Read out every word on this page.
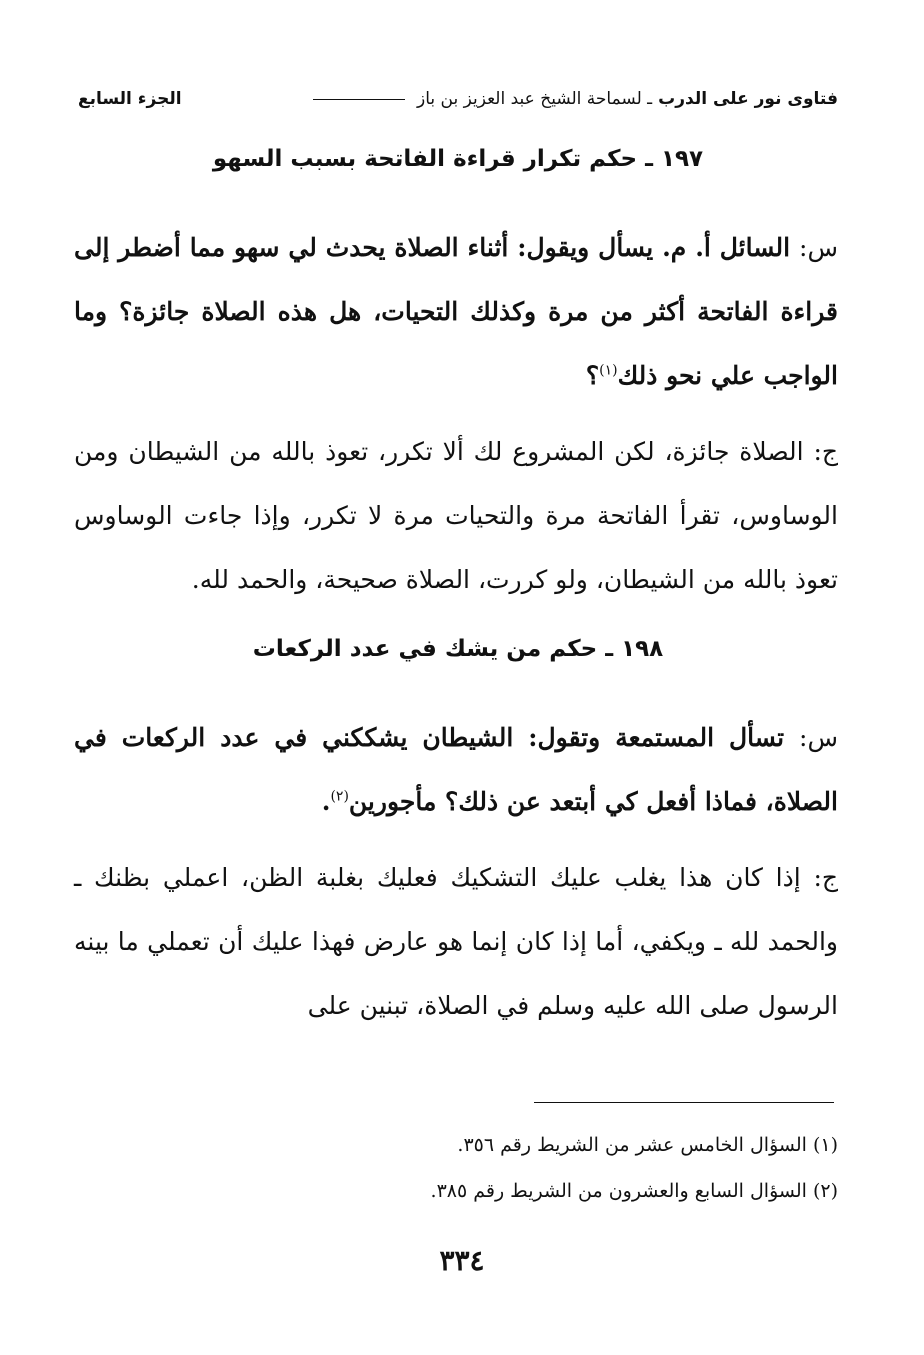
فتاوى نور على الدرب
ـ لسماحة الشيخ عبد العزيز بن باز
الجزء السابع
١٩٧ ـ حكم تكرار قراءة الفاتحة بسبب السهو
س: السائل أ. م. يسأل ويقول: أثناء الصلاة يحدث لي سهو مما أضطر إلى قراءة الفاتحة أكثر من مرة وكذلك التحيات، هل هذه الصلاة جائزة؟ وما الواجب علي نحو ذلك$^{(١)}$؟
ج: الصلاة جائزة، لكن المشروع لك ألا تكرر، تعوذ بالله من الشيطان ومن الوساوس، تقرأ الفاتحة مرة والتحيات مرة لا تكرر، وإذا جاءت الوساوس تعوذ بالله من الشيطان، ولو كررت، الصلاة صحيحة، والحمد لله.
١٩٨ ـ حكم من يشك في عدد الركعات
س: تسأل المستمعة وتقول: الشيطان يشككني في عدد الركعات في الصلاة، فماذا أفعل كي أبتعد عن ذلك؟ مأجورين$^{(٢)}$.
ج: إذا كان هذا يغلب عليك التشكيك فعليك بغلبة الظن، اعملي بظنك ـ والحمد لله ـ ويكفي، أما إذا كان إنما هو عارض فهذا عليك أن تعملي ما بينه الرسول صلى الله عليه وسلم في الصلاة، تبنين على
(١) السؤال الخامس عشر من الشريط رقم ٣٥٦.
(٢) السؤال السابع والعشرون من الشريط رقم ٣٨٥.
٣٣٤
